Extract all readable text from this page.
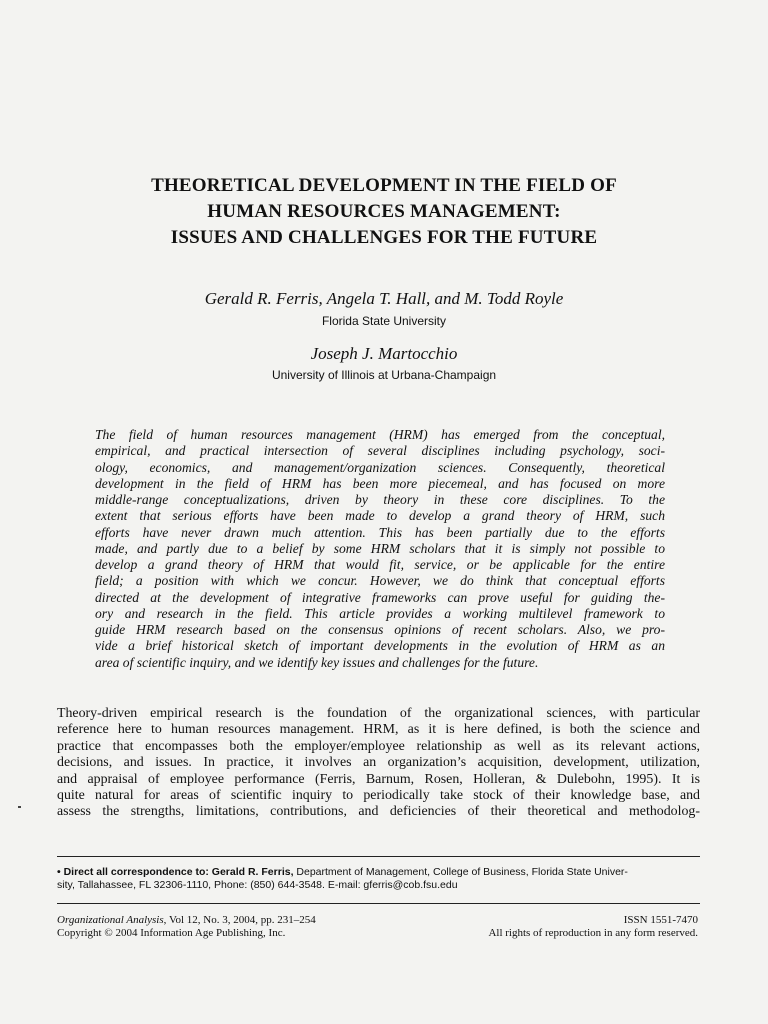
THEORETICAL DEVELOPMENT IN THE FIELD OF
HUMAN RESOURCES MANAGEMENT:
ISSUES AND CHALLENGES FOR THE FUTURE
Gerald R. Ferris, Angela T. Hall, and M. Todd Royle
Florida State University
Joseph J. Martocchio
University of Illinois at Urbana-Champaign
The field of human resources management (HRM) has emerged from the conceptual,
empirical, and practical intersection of several disciplines including psychology, soci-
ology, economics, and management/organization sciences. Consequently, theoretical
development in the field of HRM has been more piecemeal, and has focused on more
middle-range conceptualizations, driven by theory in these core disciplines. To the
extent that serious efforts have been made to develop a grand theory of HRM, such
efforts have never drawn much attention. This has been partially due to the efforts
made, and partly due to a belief by some HRM scholars that it is simply not possible to
develop a grand theory of HRM that would fit, service, or be applicable for the entire
field; a position with which we concur. However, we do think that conceptual efforts
directed at the development of integrative frameworks can prove useful for guiding the-
ory and research in the field. This article provides a working multilevel framework to
guide HRM research based on the consensus opinions of recent scholars. Also, we pro-
vide a brief historical sketch of important developments in the evolution of HRM as an
area of scientific inquiry, and we identify key issues and challenges for the future.
Theory-driven empirical research is the foundation of the organizational sciences, with particular
reference here to human resources management. HRM, as it is here defined, is both the science and
practice that encompasses both the employer/employee relationship as well as its relevant actions,
decisions, and issues. In practice, it involves an organization’s acquisition, development, utilization,
and appraisal of employee performance (Ferris, Barnum, Rosen, Holleran, & Dulebohn, 1995). It is
quite natural for areas of scientific inquiry to periodically take stock of their knowledge base, and
assess the strengths, limitations, contributions, and deficiencies of their theoretical and methodolog-
• Direct all correspondence to: Gerald R. Ferris, Department of Management, College of Business, Florida State Univer-
sity, Tallahassee, FL 32306-1110, Phone: (850) 644-3548. E-mail: gferris@cob.fsu.edu
Organizational Analysis, Vol 12, No. 3, 2004, pp. 231–254
Copyright © 2004 Information Age Publishing, Inc.
ISSN 1551-7470
All rights of reproduction in any form reserved.
